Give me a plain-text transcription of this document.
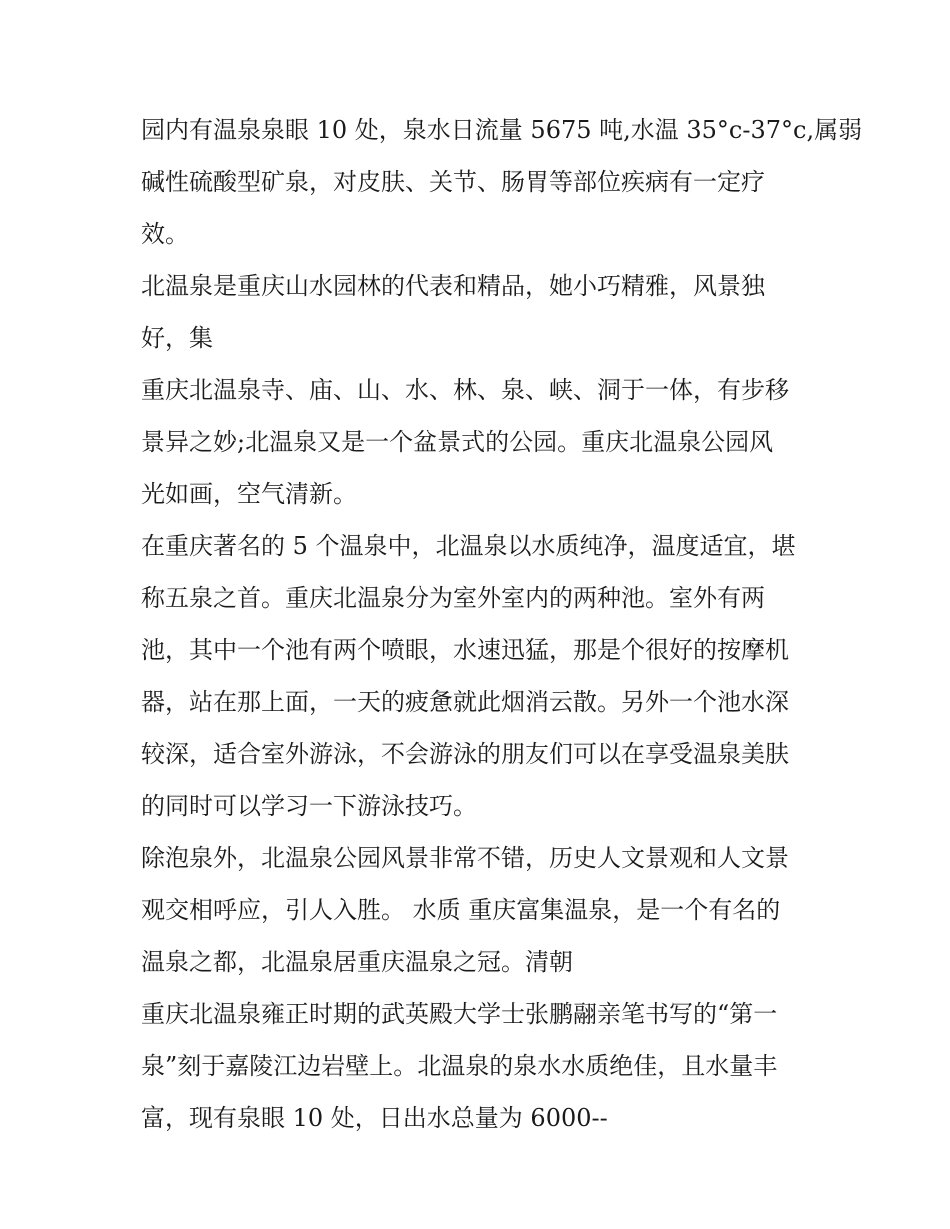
园内有温泉泉眼 10 处，泉水日流量 5675 吨,水温 35°c-37°c,属弱
碱性硫酸型矿泉，对皮肤、关节、肠胃等部位疾病有一定疗
效。
北温泉是重庆山水园林的代表和精品，她小巧精雅，风景独
好，集
重庆北温泉寺、庙、山、水、林、泉、峡、洞于一体，有步移
景异之妙;北温泉又是一个盆景式的公园。重庆北温泉公园风
光如画，空气清新。
在重庆著名的 5 个温泉中，北温泉以水质纯净，温度适宜，堪
称五泉之首。重庆北温泉分为室外室内的两种池。室外有两
池，其中一个池有两个喷眼，水速迅猛，那是个很好的按摩机
器，站在那上面，一天的疲惫就此烟消云散。另外一个池水深
较深，适合室外游泳，不会游泳的朋友们可以在享受温泉美肤
的同时可以学习一下游泳技巧。
除泡泉外，北温泉公园风景非常不错，历史人文景观和人文景
观交相呼应，引人入胜。 水质 重庆富集温泉，是一个有名的
温泉之都，北温泉居重庆温泉之冠。清朝
重庆北温泉雍正时期的武英殿大学士张鹏翮亲笔书写的“第一
泉”刻于嘉陵江边岩壁上。北温泉的泉水水质绝佳，且水量丰
富，现有泉眼 10 处，日出水总量为 6000--
